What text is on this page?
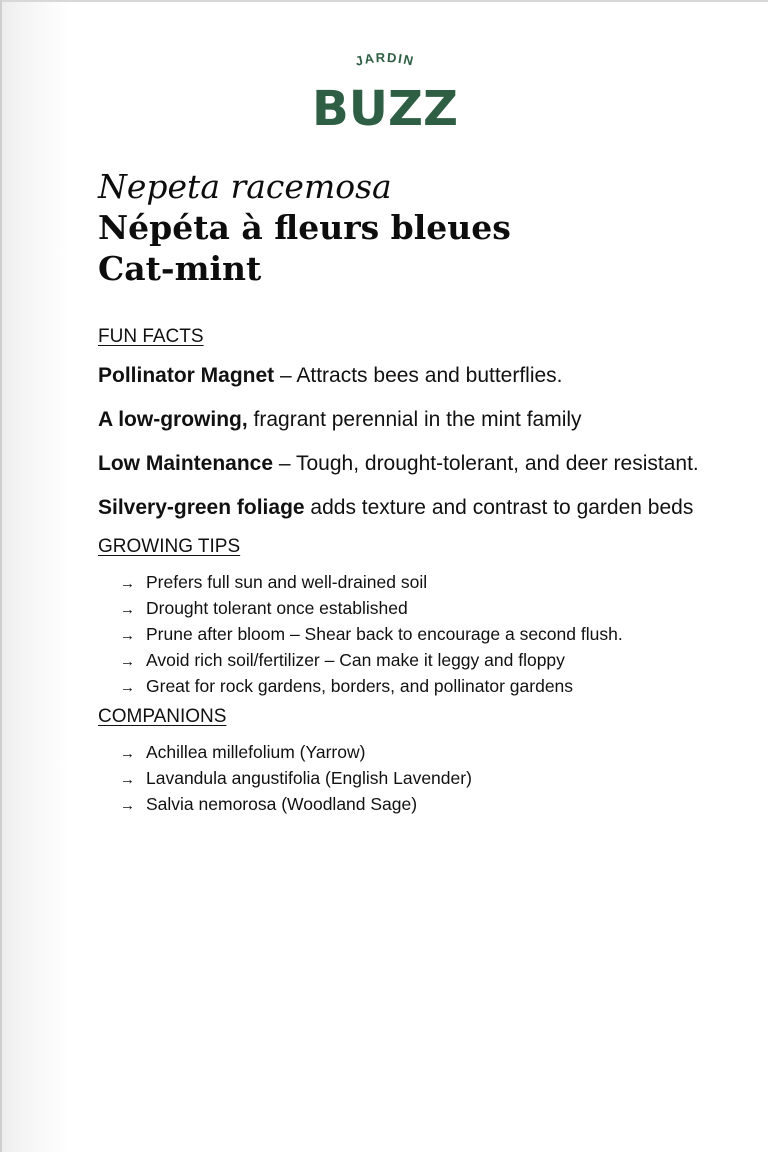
JARDIN
BUZZ
Nepeta racemosa
Népéta à fleurs bleues
Cat-mint
FUN FACTS

Pollinator Magnet – Attracts bees and butterflies.

A low-growing, fragrant perennial in the mint family

Low Maintenance – Tough, drought-tolerant, and deer resistant.

Silvery-green foliage adds texture and contrast to garden beds

GROWING TIPS
→ Prefers full sun and well-drained soil
→ Drought tolerant once established
→ Prune after bloom – Shear back to encourage a second flush.
→ Avoid rich soil/fertilizer – Can make it leggy and floppy
→ Great for rock gardens, borders, and pollinator gardens
COMPANIONS
→ Achillea millefolium (Yarrow)
→ Lavandula angustifolia (English Lavender)
→ Salvia nemorosa (Woodland Sage)
